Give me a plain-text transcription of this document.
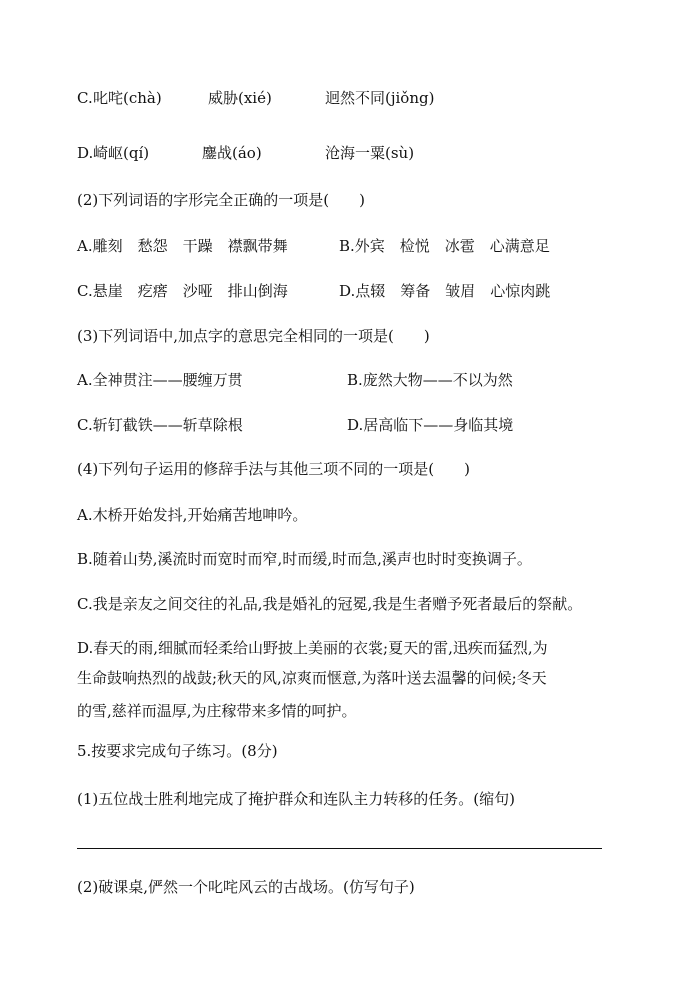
C. 叱咤(chà)	威胁(xié)	迥然不同(jiǒng)
D. 崎岖(qí)	鏖战(áo)	沧海一粟(sù)
(2)下列词语的字形完全正确的一项是(　　)
A.雕刻　愁怨　干躁　襟飘带舞	B.外宾　检悦　冰雹　心满意足
C.悬崖　疙瘩　沙哑　排山倒海	D.点辍　筹备　皱眉　心惊肉跳
(3)下列词语中,加点字的意思完全相同的一项是(　　)
A.全神贯注——腰缠万贯	B.庞然大物——不以为然
C.斩钉截铁——斩草除根	D.居高临下——身临其境
(4)下列句子运用的修辞手法与其他三项不同的一项是(　　)
A.木桥开始发抖,开始痛苦地呻吟。
B.随着山势,溪流时而宽时而窄,时而缓,时而急,溪声也时时变换调子。
C.我是亲友之间交往的礼品,我是婚礼的冠冕,我是生者赠予死者最后的祭献。
D.春天的雨,细腻而轻柔给山野披上美丽的衣裳;夏天的雷,迅疾而猛烈,为
生命鼓响热烈的战鼓;秋天的风,凉爽而惬意,为落叶送去温馨的问候;冬天
的雪,慈祥而温厚,为庄稼带来多情的呵护。
5.按要求完成句子练习。(8分)
(1)五位战士胜利地完成了掩护群众和连队主力转移的任务。(缩句)
(2)破课桌,俨然一个叱咤风云的古战场。(仿写句子)
